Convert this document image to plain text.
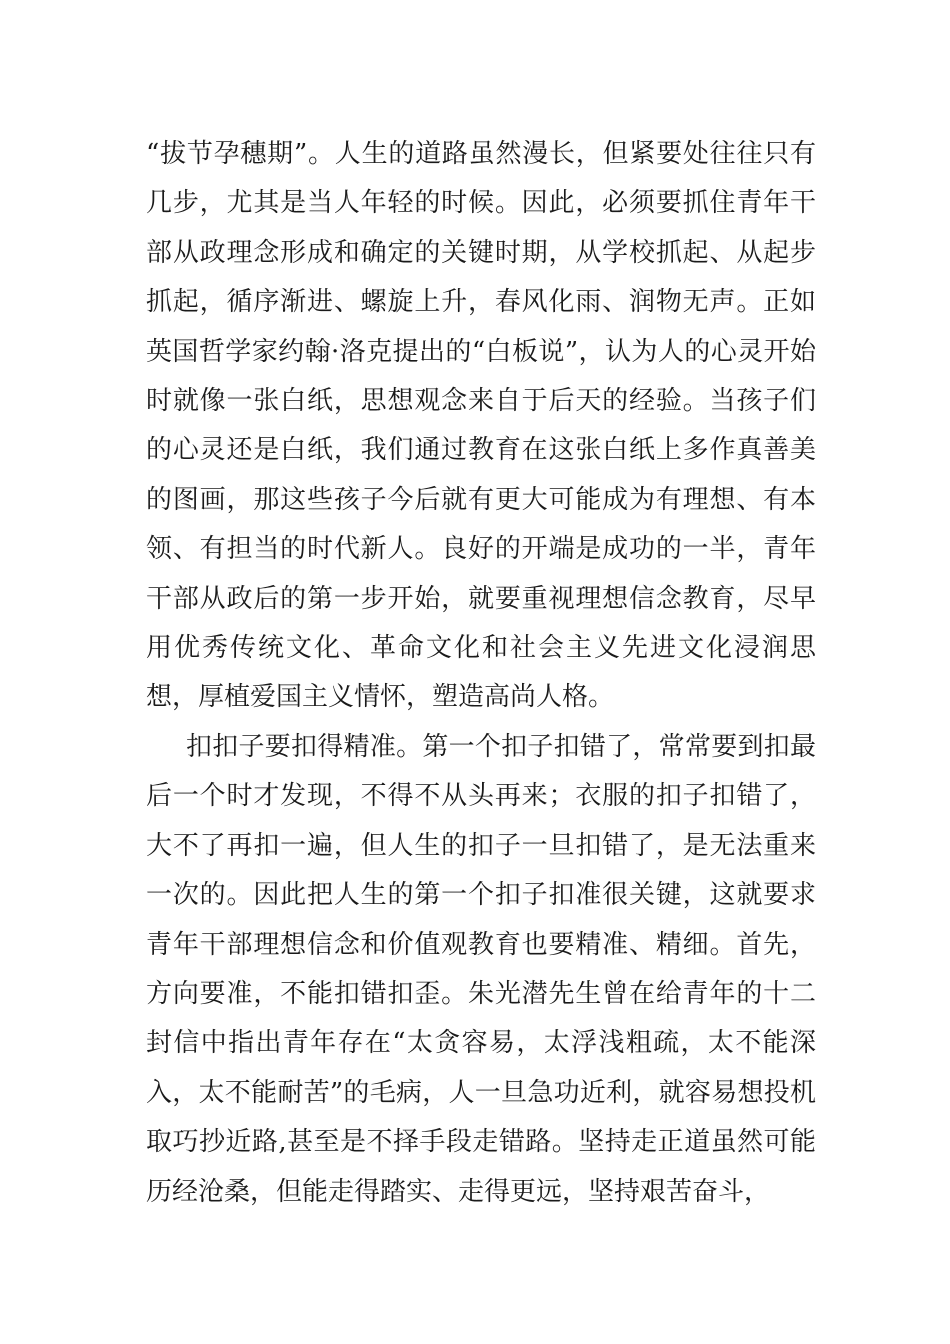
“拔节孕穗期”。人生的道路虽然漫长，但紧要处往往只有几步，尤其是当人年轻的时候。因此，必须要抓住青年干部从政理念形成和确定的关键时期，从学校抓起、从起步抓起，循序渐进、螺旋上升，春风化雨、润物无声。正如英国哲学家约翰·洛克提出的“白板说”，认为人的心灵开始时就像一张白纸，思想观念来自于后天的经验。当孩子们的心灵还是白纸，我们通过教育在这张白纸上多作真善美的图画，那这些孩子今后就有更大可能成为有理想、有本领、有担当的时代新人。良好的开端是成功的一半，青年干部从政后的第一步开始，就要重视理想信念教育，尽早用优秀传统文化、革命文化和社会主义先进文化浸润思想，厚植爱国主义情怀，塑造高尚人格。

扣扣子要扣得精准。第一个扣子扣错了，常常要到扣最后一个时才发现，不得不从头再来；衣服的扣子扣错了，大不了再扣一遍，但人生的扣子一旦扣错了，是无法重来一次的。因此把人生的第一个扣子扣准很关键，这就要求青年干部理想信念和价值观教育也要精准、精细。首先，方向要准，不能扣错扣歪。朱光潜先生曾在给青年的十二封信中指出青年存在“太贪容易，太浮浅粗疏，太不能深入，太不能耐苦”的毛病，人一旦急功近利，就容易想投机取巧抄近路,甚至是不择手段走错路。坚持走正道虽然可能历经沧桑，但能走得踏实、走得更远，坚持艰苦奋斗，
